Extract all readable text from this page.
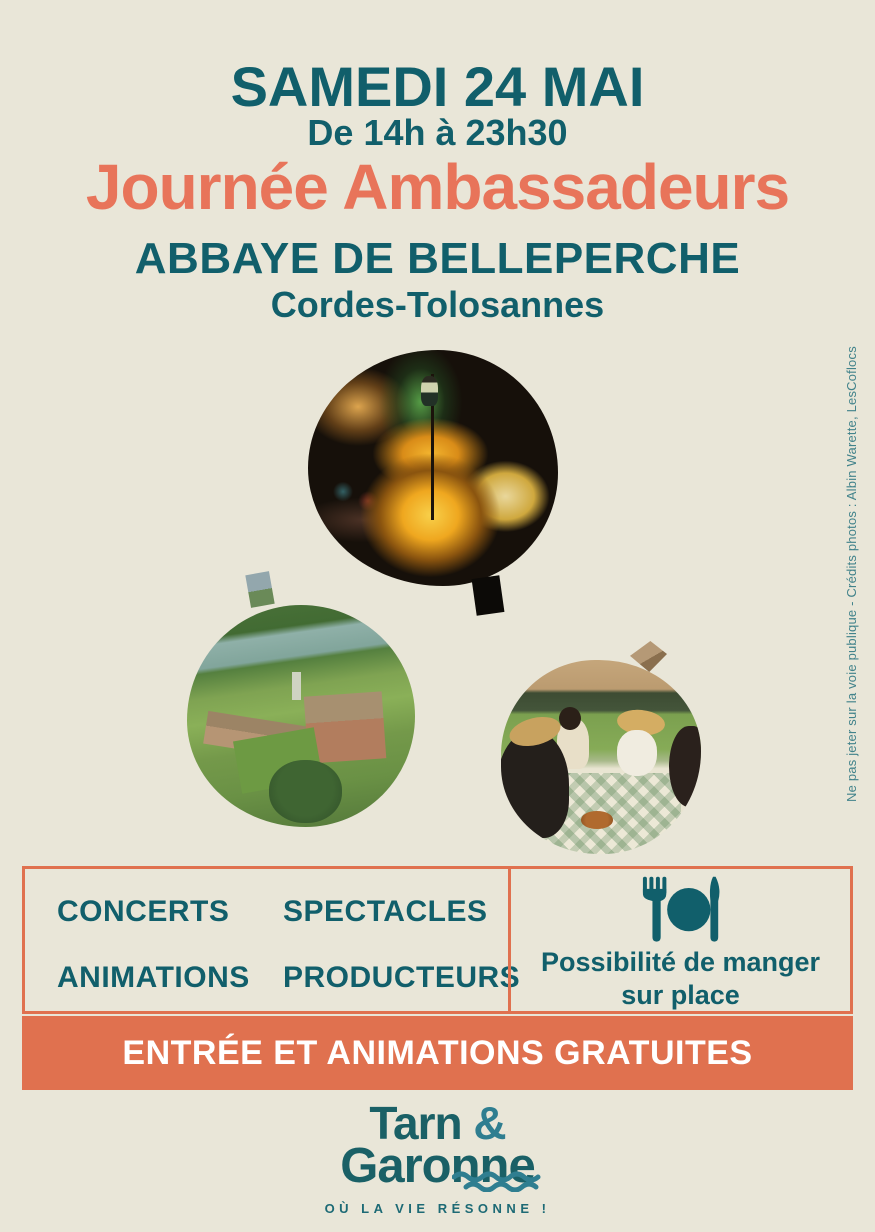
SAMEDI 24 MAI
De 14h à 23h30
Journée Ambassadeurs
ABBAYE DE BELLEPERCHE
Cordes-Tolosannes
Ne pas jeter sur la voie publique - Crédits photos : Albin Warette, LesCoflocs
CONCERTS	SPECTACLES
ANIMATIONS	PRODUCTEURS Possibilité de manger sur place
ENTRÉE ET ANIMATIONS GRATUITES
Tarn &
Garonne
OÙ LA VIE RÉSONNE !
